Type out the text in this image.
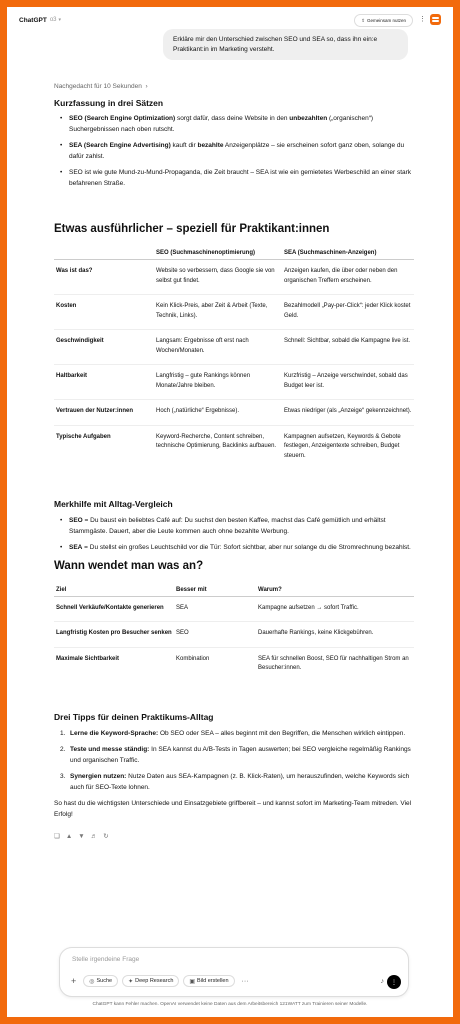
ChatGPT o3 ▾	⇪ Gemeinsam nutzen ⋮
Erkläre mir den Unterschied zwischen SEO und SEA so, dass ihn ein:e Praktikant:in im Marketing versteht.
Nachgedacht für 10 Sekunden  ›
Kurzfassung in drei Sätzen
• SEO (Search Engine Optimization) sorgt dafür, dass deine Website in den unbezahlten („organischen“) Suchergebnissen nach oben rutscht.
• SEA (Search Engine Advertising) kauft dir bezahlte Anzeigenplätze – sie erscheinen sofort ganz oben, solange du dafür zahlst.
• SEO ist wie gute Mund-zu-Mund-Propaganda, die Zeit braucht – SEA ist wie ein gemietetes Werbeschild an einer stark befahrenen Straße.
Etwas ausführlicher – speziell für Praktikant:innen
	SEO (Suchmaschinenoptimierung)	SEA (Suchmaschinen-Anzeigen)
Was ist das?	Website so verbessern, dass Google sie von selbst gut findet.	Anzeigen kaufen, die über oder neben den organischen Treffern erscheinen.
Kosten	Kein Klick-Preis, aber Zeit & Arbeit (Texte, Technik, Links).	Bezahlmodell „Pay-per-Click“: jeder Klick kostet Geld.
Geschwindigkeit	Langsam: Ergebnisse oft erst nach Wochen/Monaten.	Schnell: Sichtbar, sobald die Kampagne live ist.
Haltbarkeit	Langfristig – gute Rankings können Monate/Jahre bleiben.	Kurzfristig – Anzeige verschwindet, sobald das Budget leer ist.
Vertrauen der Nutzer:innen	Hoch („natürliche“ Ergebnisse).	Etwas niedriger (als „Anzeige“ gekennzeichnet).
Typische Aufgaben	Keyword-Recherche, Content schreiben, technische Optimierung, Backlinks aufbauen.	Kampagnen aufsetzen, Keywords & Gebote festlegen, Anzeigentexte schreiben, Budget steuern.
Merkhilfe mit Alltag-Vergleich
• SEO = Du baust ein beliebtes Café auf: Du suchst den besten Kaffee, machst das Café gemütlich und erhältst Stammgäste. Dauert, aber die Leute kommen auch ohne bezahlte Werbung.
• SEA = Du stellst ein großes Leuchtschild vor die Tür: Sofort sichtbar, aber nur solange du die Stromrechnung bezahlst.
Wann wendet man was an?
Ziel	Besser mit	Warum?
Schnell Verkäufe/Kontakte generieren	SEA	Kampagne aufsetzen → sofort Traffic.
Langfristig Kosten pro Besucher senken	SEO	Dauerhafte Rankings, keine Klickgebühren.
Maximale Sichtbarkeit	Kombination	SEA für schnellen Boost, SEO für nachhaltigen Strom an Besucher:innen.
Drei Tipps für deinen Praktikums-Alltag
1. Lerne die Keyword-Sprache: Ob SEO oder SEA – alles beginnt mit den Begriffen, die Menschen wirklich eintippen.
2. Teste und messe ständig: In SEA kannst du A/B-Tests in Tagen auswerten; bei SEO vergleiche regelmäßig Rankings und organischen Traffic.
3. Synergien nutzen: Nutze Daten aus SEA-Kampagnen (z. B. Klick-Raten), um herauszufinden, welche Keywords sich auch für SEO-Texte lohnen.
So hast du die wichtigsten Unterschiede und Einsatzgebiete griffbereit – und kannst sofort im Marketing-Team mitreden. Viel Erfolg!
❏ ▲ ▼ ♬ ↻
Stelle irgendeine Frage
+	◎ Suche	✦ Deep Research	▣ Bild erstellen	···	♪	⋮
ChatGPT kann Fehler machen. OpenAI verwendet keine Daten aus dem Arbeitsbereich 121WATT zum Trainieren seiner Modelle.
